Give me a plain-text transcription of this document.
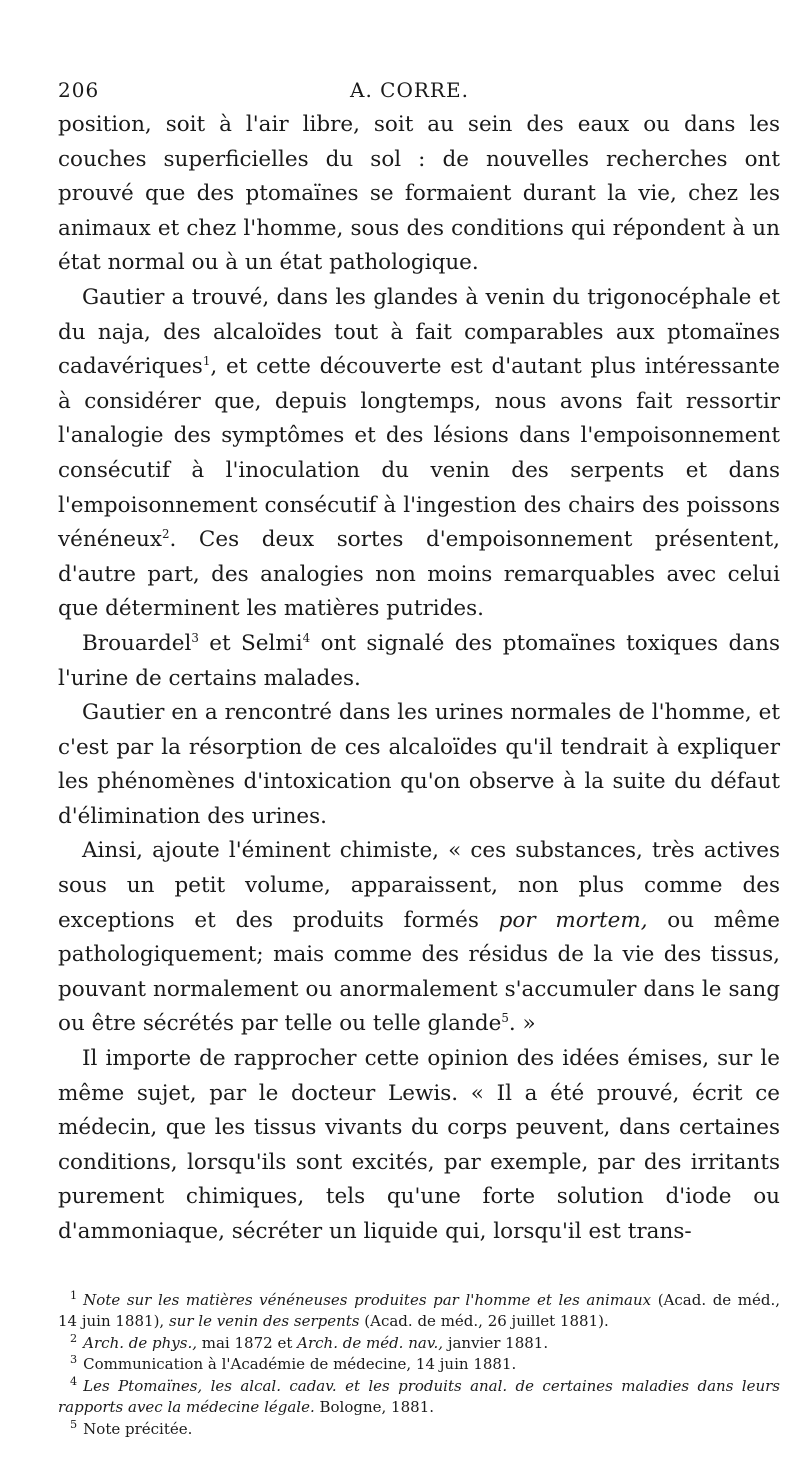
206	A. CORRE.

position, soit à l'air libre, soit au sein des eaux ou dans les couches superficielles du sol : de nouvelles recherches ont prouvé que des ptomaïnes se formaient durant la vie, chez les animaux et chez l'homme, sous des conditions qui répondent à un état normal ou à un état pathologique.

Gautier a trouvé, dans les glandes à venin du trigonocéphale et du naja, des alcaloïdes tout à fait comparables aux ptomaïnes cadavériques$^1$, et cette découverte est d'autant plus intéressante à considérer que, depuis longtemps, nous avons fait ressortir l'analogie des symptômes et des lésions dans l'empoisonnement consécutif à l'inoculation du venin des serpents et dans l'empoisonnement consécutif à l'ingestion des chairs des poissons vénéneux$^2$. Ces deux sortes d'empoisonnement présentent, d'autre part, des analogies non moins remarquables avec celui que déterminent les matières putrides.

Brouardel$^3$ et Selmi$^4$ ont signalé des ptomaïnes toxiques dans l'urine de certains malades.

Gautier en a rencontré dans les urines normales de l'homme, et c'est par la résorption de ces alcaloïdes qu'il tendrait à expliquer les phénomènes d'intoxication qu'on observe à la suite du défaut d'élimination des urines.

Ainsi, ajoute l'éminent chimiste, « ces substances, très actives sous un petit volume, apparaissent, non plus comme des exceptions et des produits formés por mortem, ou même pathologiquement; mais comme des résidus de la vie des tissus, pouvant normalement ou anormalement s'accumuler dans le sang ou être sécrétés par telle ou telle glande$^5$. »

Il importe de rapprocher cette opinion des idées émises, sur le même sujet, par le docteur Lewis. « Il a été prouvé, écrit ce médecin, que les tissus vivants du corps peuvent, dans certaines conditions, lorsqu'ils sont excités, par exemple, par des irritants purement chimiques, tels qu'une forte solution d'iode ou d'ammoniaque, sécréter un liquide qui, lorsqu'il est trans-

$^1$ Note sur les matières vénéneuses produites par l'homme et les animaux (Acad. de méd., 14 juin 1881), sur le venin des serpents (Acad. de méd., 26 juillet 1881).

$^2$ Arch. de phys., mai 1872 et Arch. de méd. nav., janvier 1881.

$^3$ Communication à l'Académie de médecine, 14 juin 1881.

$^4$ Les Ptomaïnes, les alcal. cadav. et les produits anal. de certaines maladies dans leurs rapports avec la médecine légale. Bologne, 1881.

$^5$ Note précitée.
